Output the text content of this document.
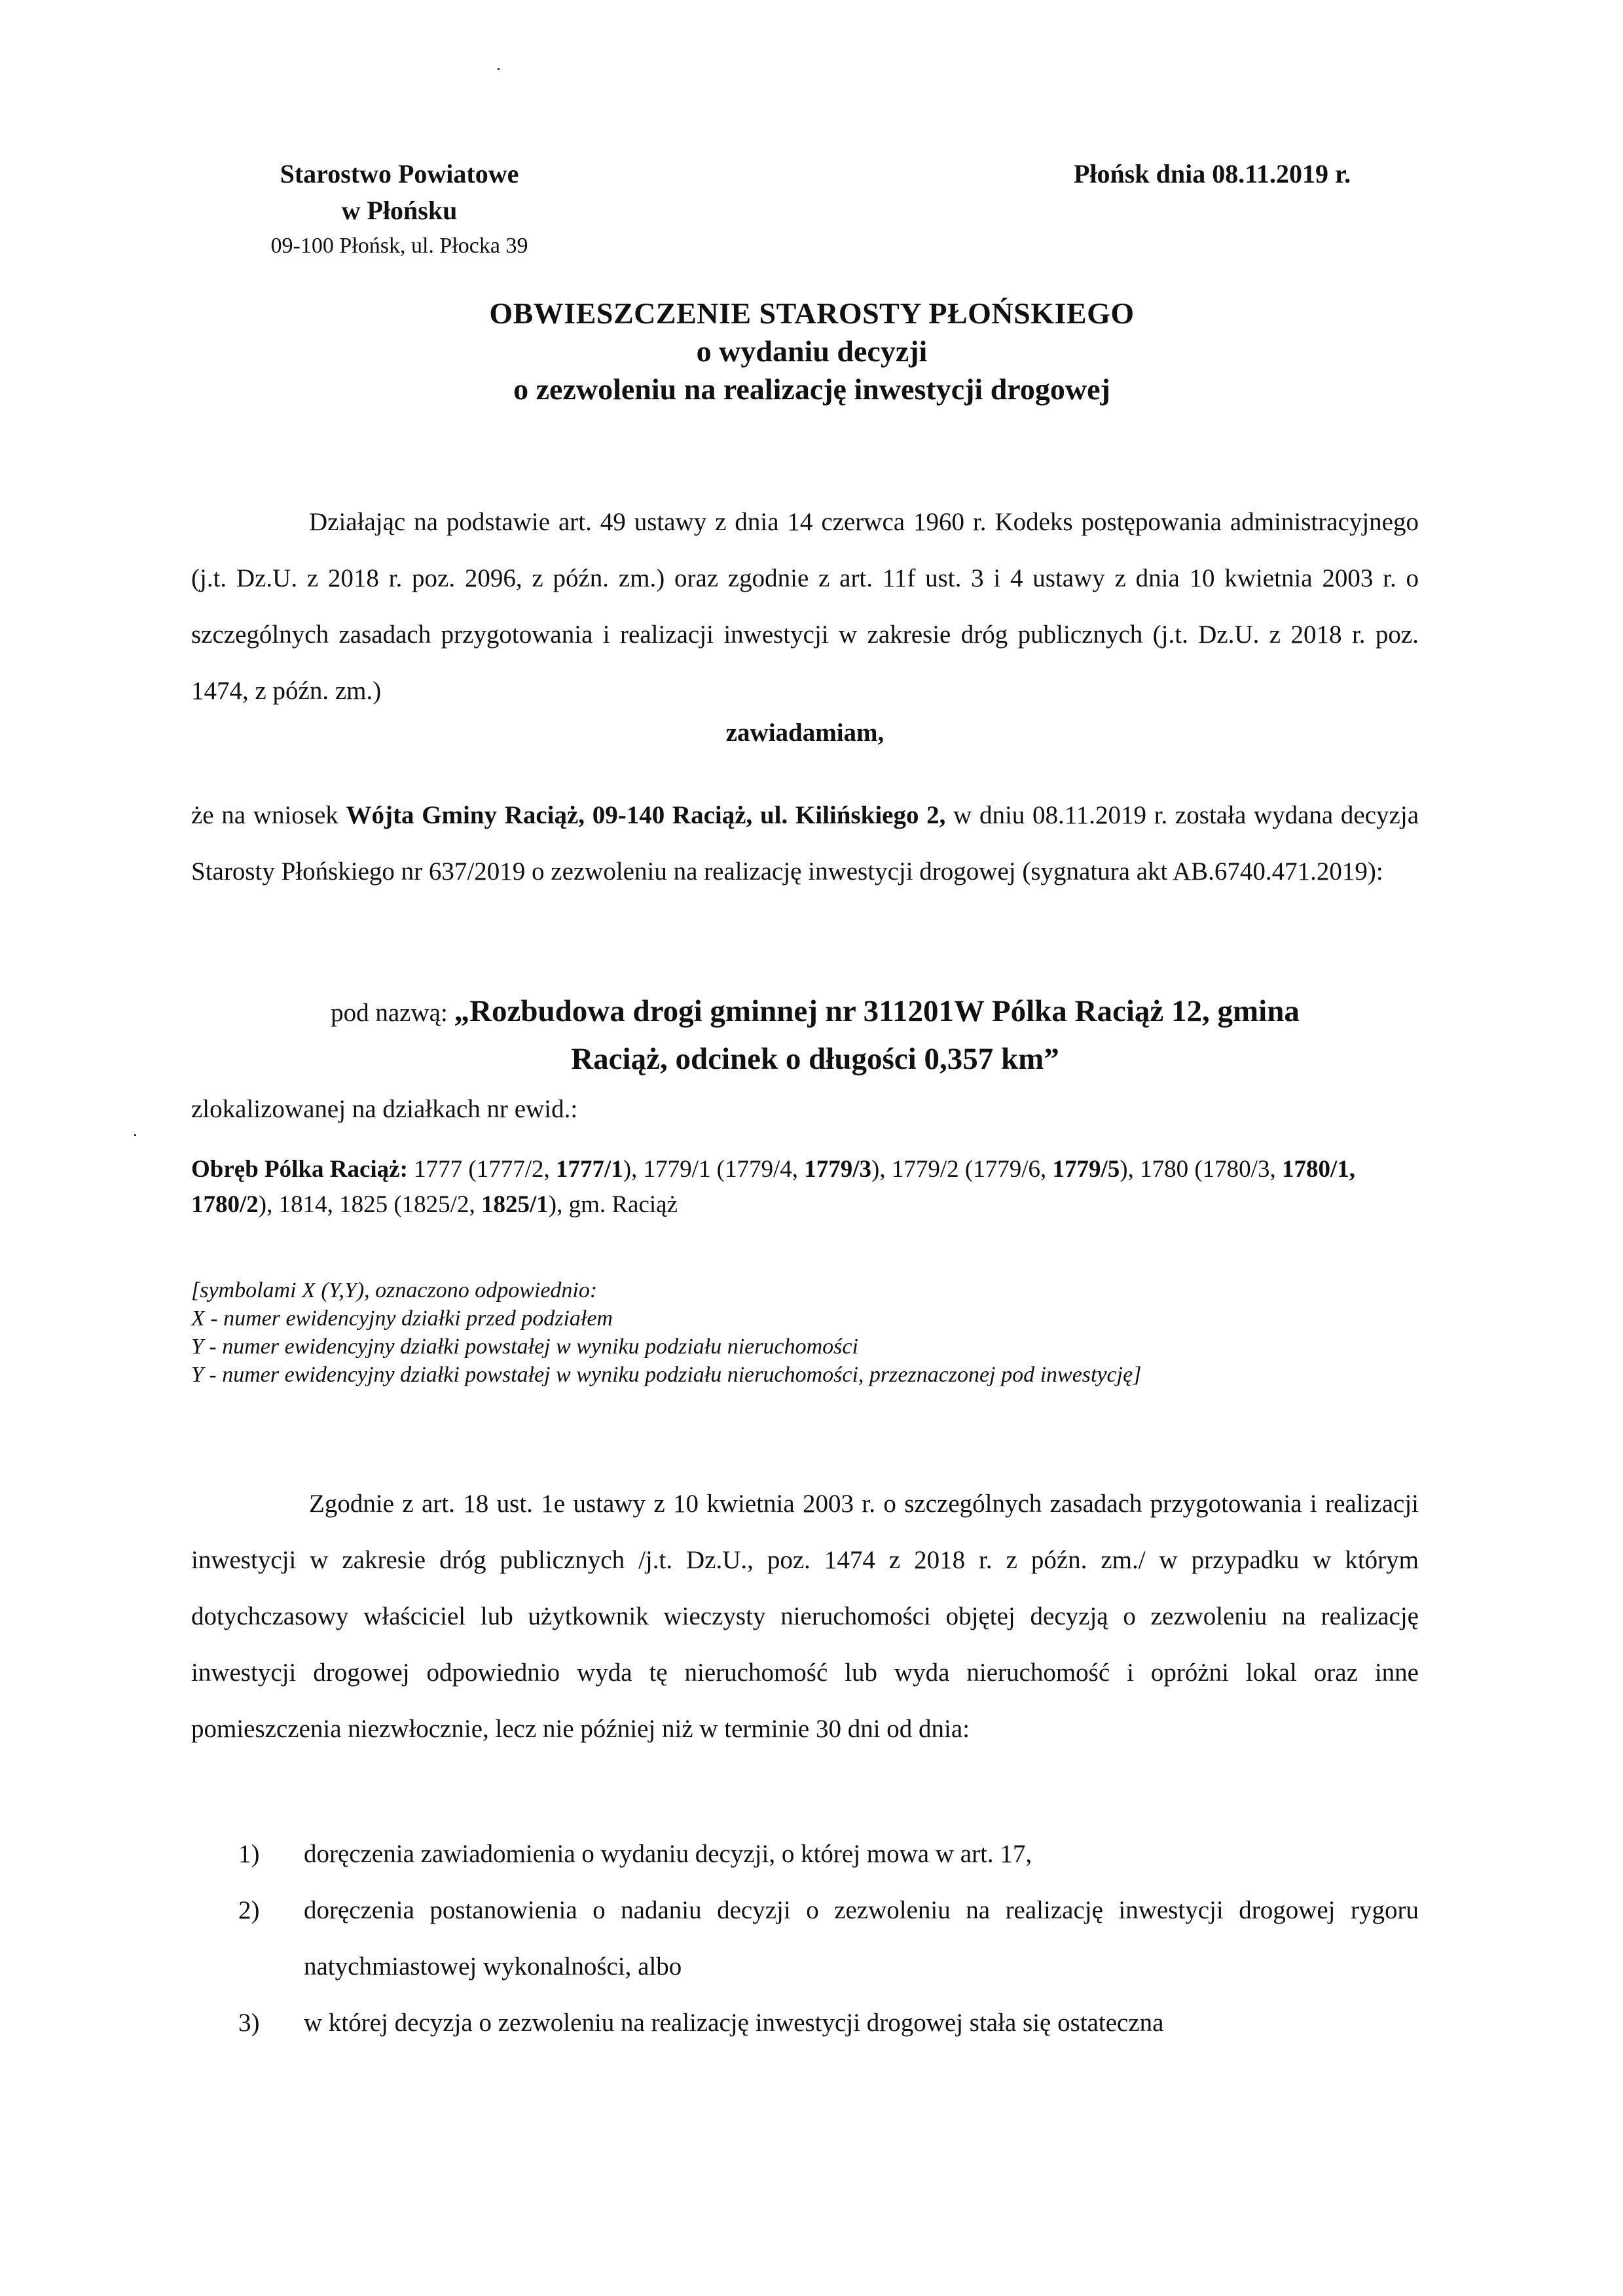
Starostwo Powiatowe
w Płońsku
09-100 Płońsk, ul. Płocka 39
Płońsk dnia 08.11.2019 r.
OBWIESZCZENIE STAROSTY PŁOŃSKIEGO
o wydaniu decyzji
o zezwoleniu na realizację inwestycji drogowej
Działając na podstawie art. 49 ustawy z dnia 14 czerwca 1960 r. Kodeks postępowania administracyjnego (j.t. Dz.U. z 2018 r. poz. 2096, z późn. zm.) oraz zgodnie z art. 11f ust. 3 i 4 ustawy z dnia 10 kwietnia 2003 r. o szczególnych zasadach przygotowania i realizacji inwestycji w zakresie dróg publicznych (j.t. Dz.U. z 2018 r. poz. 1474, z późn. zm.)
zawiadamiam,
że na wniosek Wójta Gminy Raciąż, 09-140 Raciąż, ul. Kilińskiego 2, w dniu 08.11.2019 r. została wydana decyzja Starosty Płońskiego nr 637/2019 o zezwoleniu na realizację inwestycji drogowej (sygnatura akt AB.6740.471.2019):
pod nazwą: „Rozbudowa drogi gminnej nr 311201W Pólka Raciąż 12, gmina
Raciąż, odcinek o długości 0,357 km”
zlokalizowanej na działkach nr ewid.:
Obręb Pólka Raciąż: 1777 (1777/2, 1777/1), 1779/1 (1779/4, 1779/3), 1779/2 (1779/6, 1779/5), 1780 (1780/3, 1780/1, 1780/2), 1814, 1825 (1825/2, 1825/1), gm. Raciąż
[symbolami X (Y,Y), oznaczono odpowiednio:
X - numer ewidencyjny działki przed podziałem
Y - numer ewidencyjny działki powstałej w wyniku podziału nieruchomości
Y - numer ewidencyjny działki powstałej w wyniku podziału nieruchomości, przeznaczonej pod inwestycję]
Zgodnie z art. 18 ust. 1e ustawy z 10 kwietnia 2003 r. o szczególnych zasadach przygotowania i realizacji inwestycji w zakresie dróg publicznych /j.t. Dz.U., poz. 1474 z 2018 r. z późn. zm./ w przypadku w którym dotychczasowy właściciel lub użytkownik wieczysty nieruchomości objętej decyzją o zezwoleniu na realizację inwestycji drogowej odpowiednio wyda tę nieruchomość lub wyda nieruchomość i opróżni lokal oraz inne pomieszczenia niezwłocznie, lecz nie później niż w terminie 30 dni od dnia:
1)	doręczenia zawiadomienia o wydaniu decyzji, o której mowa w art. 17,
2)	doręczenia postanowienia o nadaniu decyzji o zezwoleniu na realizację inwestycji drogowej rygoru natychmiastowej wykonalności, albo
3)	w której decyzja o zezwoleniu na realizację inwestycji drogowej stała się ostateczna
